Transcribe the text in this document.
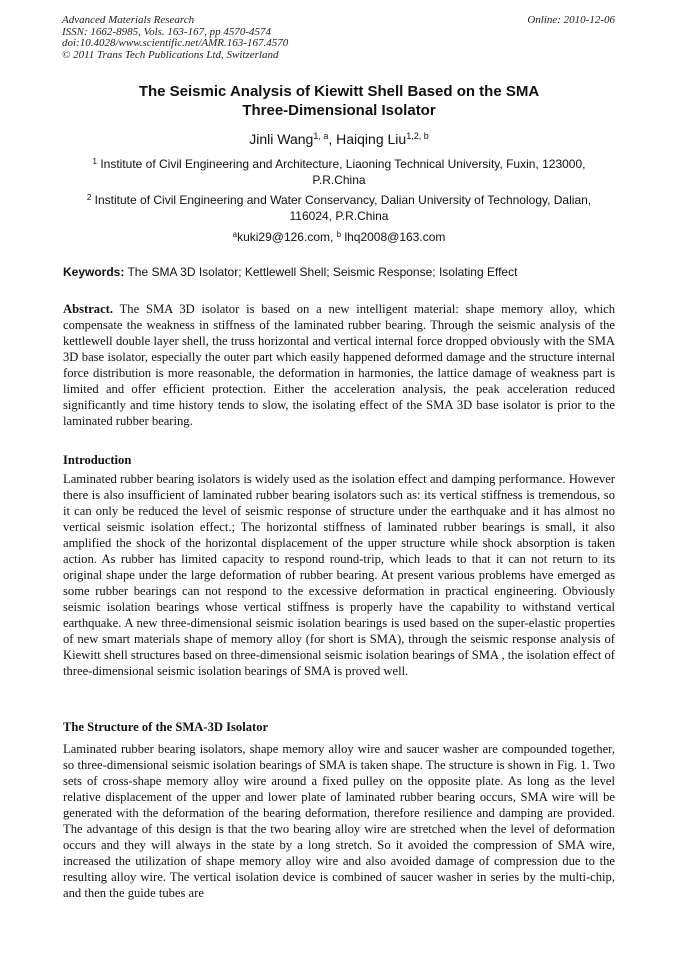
Advanced Materials Research
ISSN: 1662-8985, Vols. 163-167, pp 4570-4574
doi:10.4028/www.scientific.net/AMR.163-167.4570
© 2011 Trans Tech Publications Ltd, Switzerland
Online: 2010-12-06
The Seismic Analysis of Kiewitt Shell Based on the SMA
Three-Dimensional Isolator
Jinli Wang$^{1, a}$, Haiqing Liu$^{1,2, b}$
$^1$ Institute of Civil Engineering and Architecture, Liaoning Technical University, Fuxin, 123000, P.R.China
$^2$ Institute of Civil Engineering and Water Conservancy, Dalian University of Technology, Dalian, 116024, P.R.China
$^a$kuki29@126.com, $^b$ lhq2008@163.com
Keywords: The SMA 3D Isolator; Kettlewell Shell; Seismic Response; Isolating Effect
Abstract. The SMA 3D isolator is based on a new intelligent material: shape memory alloy, which compensate the weakness in stiffness of the laminated rubber bearing. Through the seismic analysis of the kettlewell double layer shell, the truss horizontal and vertical internal force dropped obviously with the SMA 3D base isolator, especially the outer part which easily happened deformed damage and the structure internal force distribution is more reasonable, the deformation in harmonies, the lattice damage of weakness part is limited and offer efficient protection. Either the acceleration analysis, the peak acceleration reduced significantly and time history tends to slow, the isolating effect of the SMA 3D base isolator is prior to the laminated rubber bearing.
Introduction
Laminated rubber bearing isolators is widely used as the isolation effect and damping performance. However there is also insufficient of laminated rubber bearing isolators such as: its vertical stiffness is tremendous, so it can only be reduced the level of seismic response of structure under the earthquake and it has almost no vertical seismic isolation effect.; The horizontal stiffness of laminated rubber bearings is small, it also amplified the shock of the horizontal displacement of the upper structure while shock absorption is taken action. As rubber has limited capacity to respond round-trip, which leads to that it can not return to its original shape under the large deformation of rubber bearing. At present various problems have emerged as some rubber bearings can not respond to the excessive deformation in practical engineering. Obviously seismic isolation bearings whose vertical stiffness is properly have the capability to withstand vertical earthquake. A new three-dimensional seismic isolation bearings is used based on the super-elastic properties of new smart materials shape of memory alloy (for short is SMA), through the seismic response analysis of Kiewitt shell structures based on three-dimensional seismic isolation bearings of SMA , the isolation effect of three-dimensional seismic isolation bearings of SMA is proved well.
The Structure of the SMA-3D Isolator
Laminated rubber bearing isolators, shape memory alloy wire and saucer washer are compounded together, so three-dimensional seismic isolation bearings of SMA is taken shape. The structure is shown in Fig. 1. Two sets of cross-shape memory alloy wire around a fixed pulley on the opposite plate. As long as the level relative displacement of the upper and lower plate of laminated rubber bearing occurs, SMA wire will be generated with the deformation of the bearing deformation, therefore resilience and damping are provided. The advantage of this design is that the two bearing alloy wire are stretched when the level of deformation occurs and they will always in the state by a long stretch. So it avoided the compression of SMA wire, increased the utilization of shape memory alloy wire and also avoided damage of compression due to the resulting alloy wire. The vertical isolation device is combined of saucer washer in series by the multi-chip, and then the guide tubes are
